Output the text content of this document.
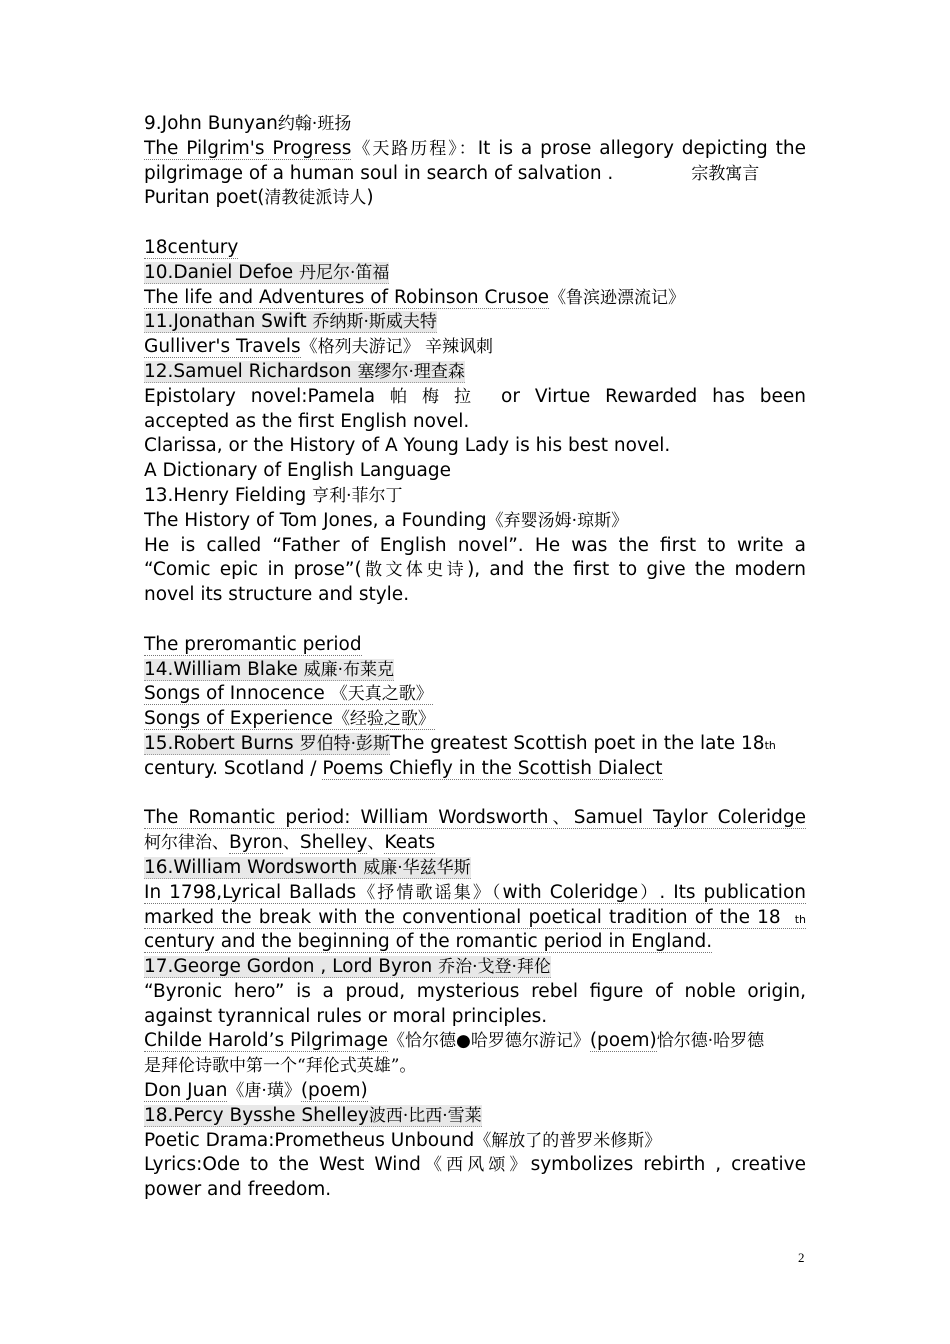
9.John Bunyan约翰·班扬
The Pilgrim's Progress《天路历程》：It is a prose allegory depicting the
pilgrimage of a human soul in search of salvation .	宗教寓言
Puritan poet(清教徒派诗人)
18century
10.Daniel Defoe 丹尼尔·笛福
The life and Adventures of Robinson Crusoe《鲁滨逊漂流记》
11.Jonathan Swift 乔纳斯·斯威夫特
Gulliver's Travels《格列夫游记》 辛辣讽刺
12.Samuel Richardson 塞缪尔·理查森
Epistolary novel:Pamela 帕梅拉 or Virtue Rewarded has been
accepted as the first English novel.
Clarissa, or the History of A Young Lady is his best novel.
A Dictionary of English Language
13.Henry Fielding 亨利·菲尔丁
The History of Tom Jones, a Founding《弃婴汤姆·琼斯》
He is called “Father of English novel”. He was the first to write a
“Comic epic in prose”(散文体史诗), and the first to give the modern
novel its structure and style.
The preromantic period
14.William Blake 威廉·布莱克
Songs of Innocence 《天真之歌》
Songs of Experience《经验之歌》
15.Robert Burns 罗伯特·彭斯The greatest Scottish poet in the late 18th
century. Scotland / Poems Chiefly in the Scottish Dialect
The Romantic period: William Wordsworth、Samuel Taylor Coleridge
柯尔律治、Byron、Shelley、Keats
16.William Wordsworth 威廉·华兹华斯
In 1798,Lyrical Ballads《抒情歌谣集》（with Coleridge）. Its publication
marked the break with the conventional poetical tradition of the 18 th
century and the beginning of the romantic period in England.
17.George Gordon , Lord Byron 乔治·戈登·拜伦
“Byronic hero” is a proud, mysterious rebel figure of noble origin,
against tyrannical rules or moral principles.
Childe Harold’s Pilgrimage《恰尔德●哈罗德尔游记》(poem)恰尔德·哈罗德
是拜伦诗歌中第一个“拜伦式英雄”。
Don Juan《唐·璜》(poem)
18.Percy Bysshe Shelley波西·比西·雪莱
Poetic Drama:Prometheus Unbound《解放了的普罗米修斯》
Lyrics:Ode to the West Wind《西风颂》symbolizes rebirth , creative
power and freedom.
2
